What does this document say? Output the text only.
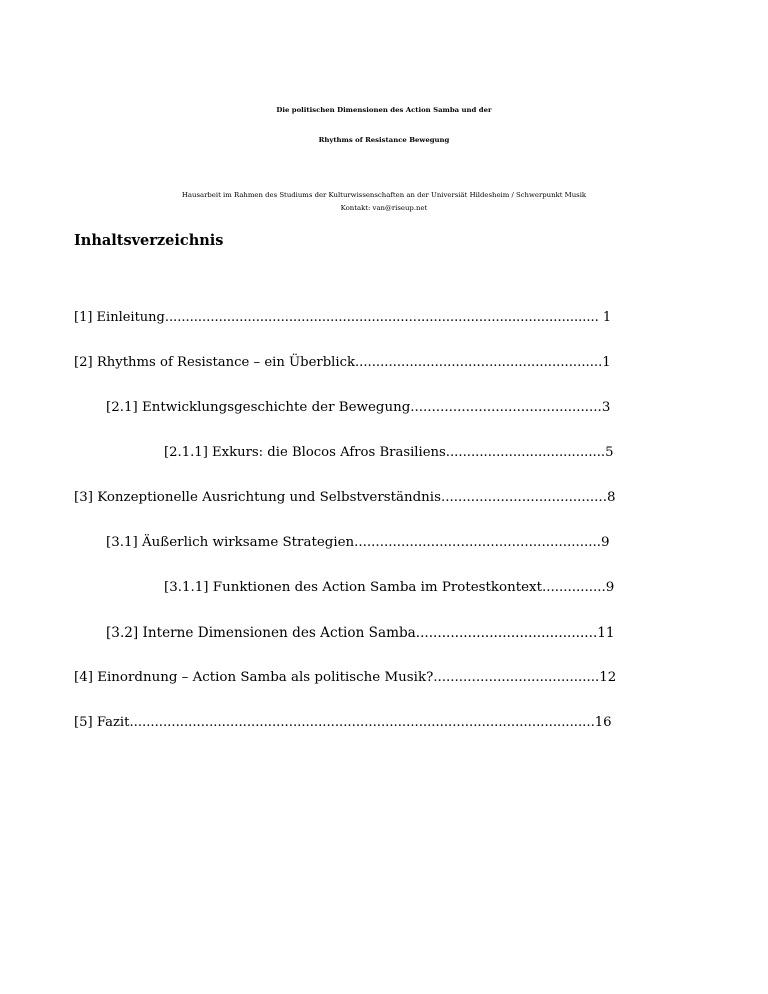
Die politischen Dimensionen des Action Samba und der
Rhythms of Resistance Bewegung

Hausarbeit im Rahmen des Studiums der Kulturwissenschaften an der Universiät Hildesheim / Schwerpunkt Musik

Kontakt: van@riseup.net

Inhaltsverzeichnis

[1] Einleitung......................................................................................................... 1

[2] Rhythms of Resistance – ein Überblick...........................................................1

[2.1] Entwicklungsgeschichte der Bewegung.............................................3

[2.1.1] Exkurs: die Blocos Afros Brasiliens......................................5

[3] Konzeptionelle Ausrichtung und Selbstverständnis.......................................8

[3.1] Äußerlich wirksame Strategien..........................................................9

[3.1.1] Funktionen des Action Samba im Protestkontext...............9

[3.2] Interne Dimensionen des Action Samba..........................................11

[4] Einordnung – Action Samba als politische Musik?.......................................12

[5] Fazit...............................................................................................................16
